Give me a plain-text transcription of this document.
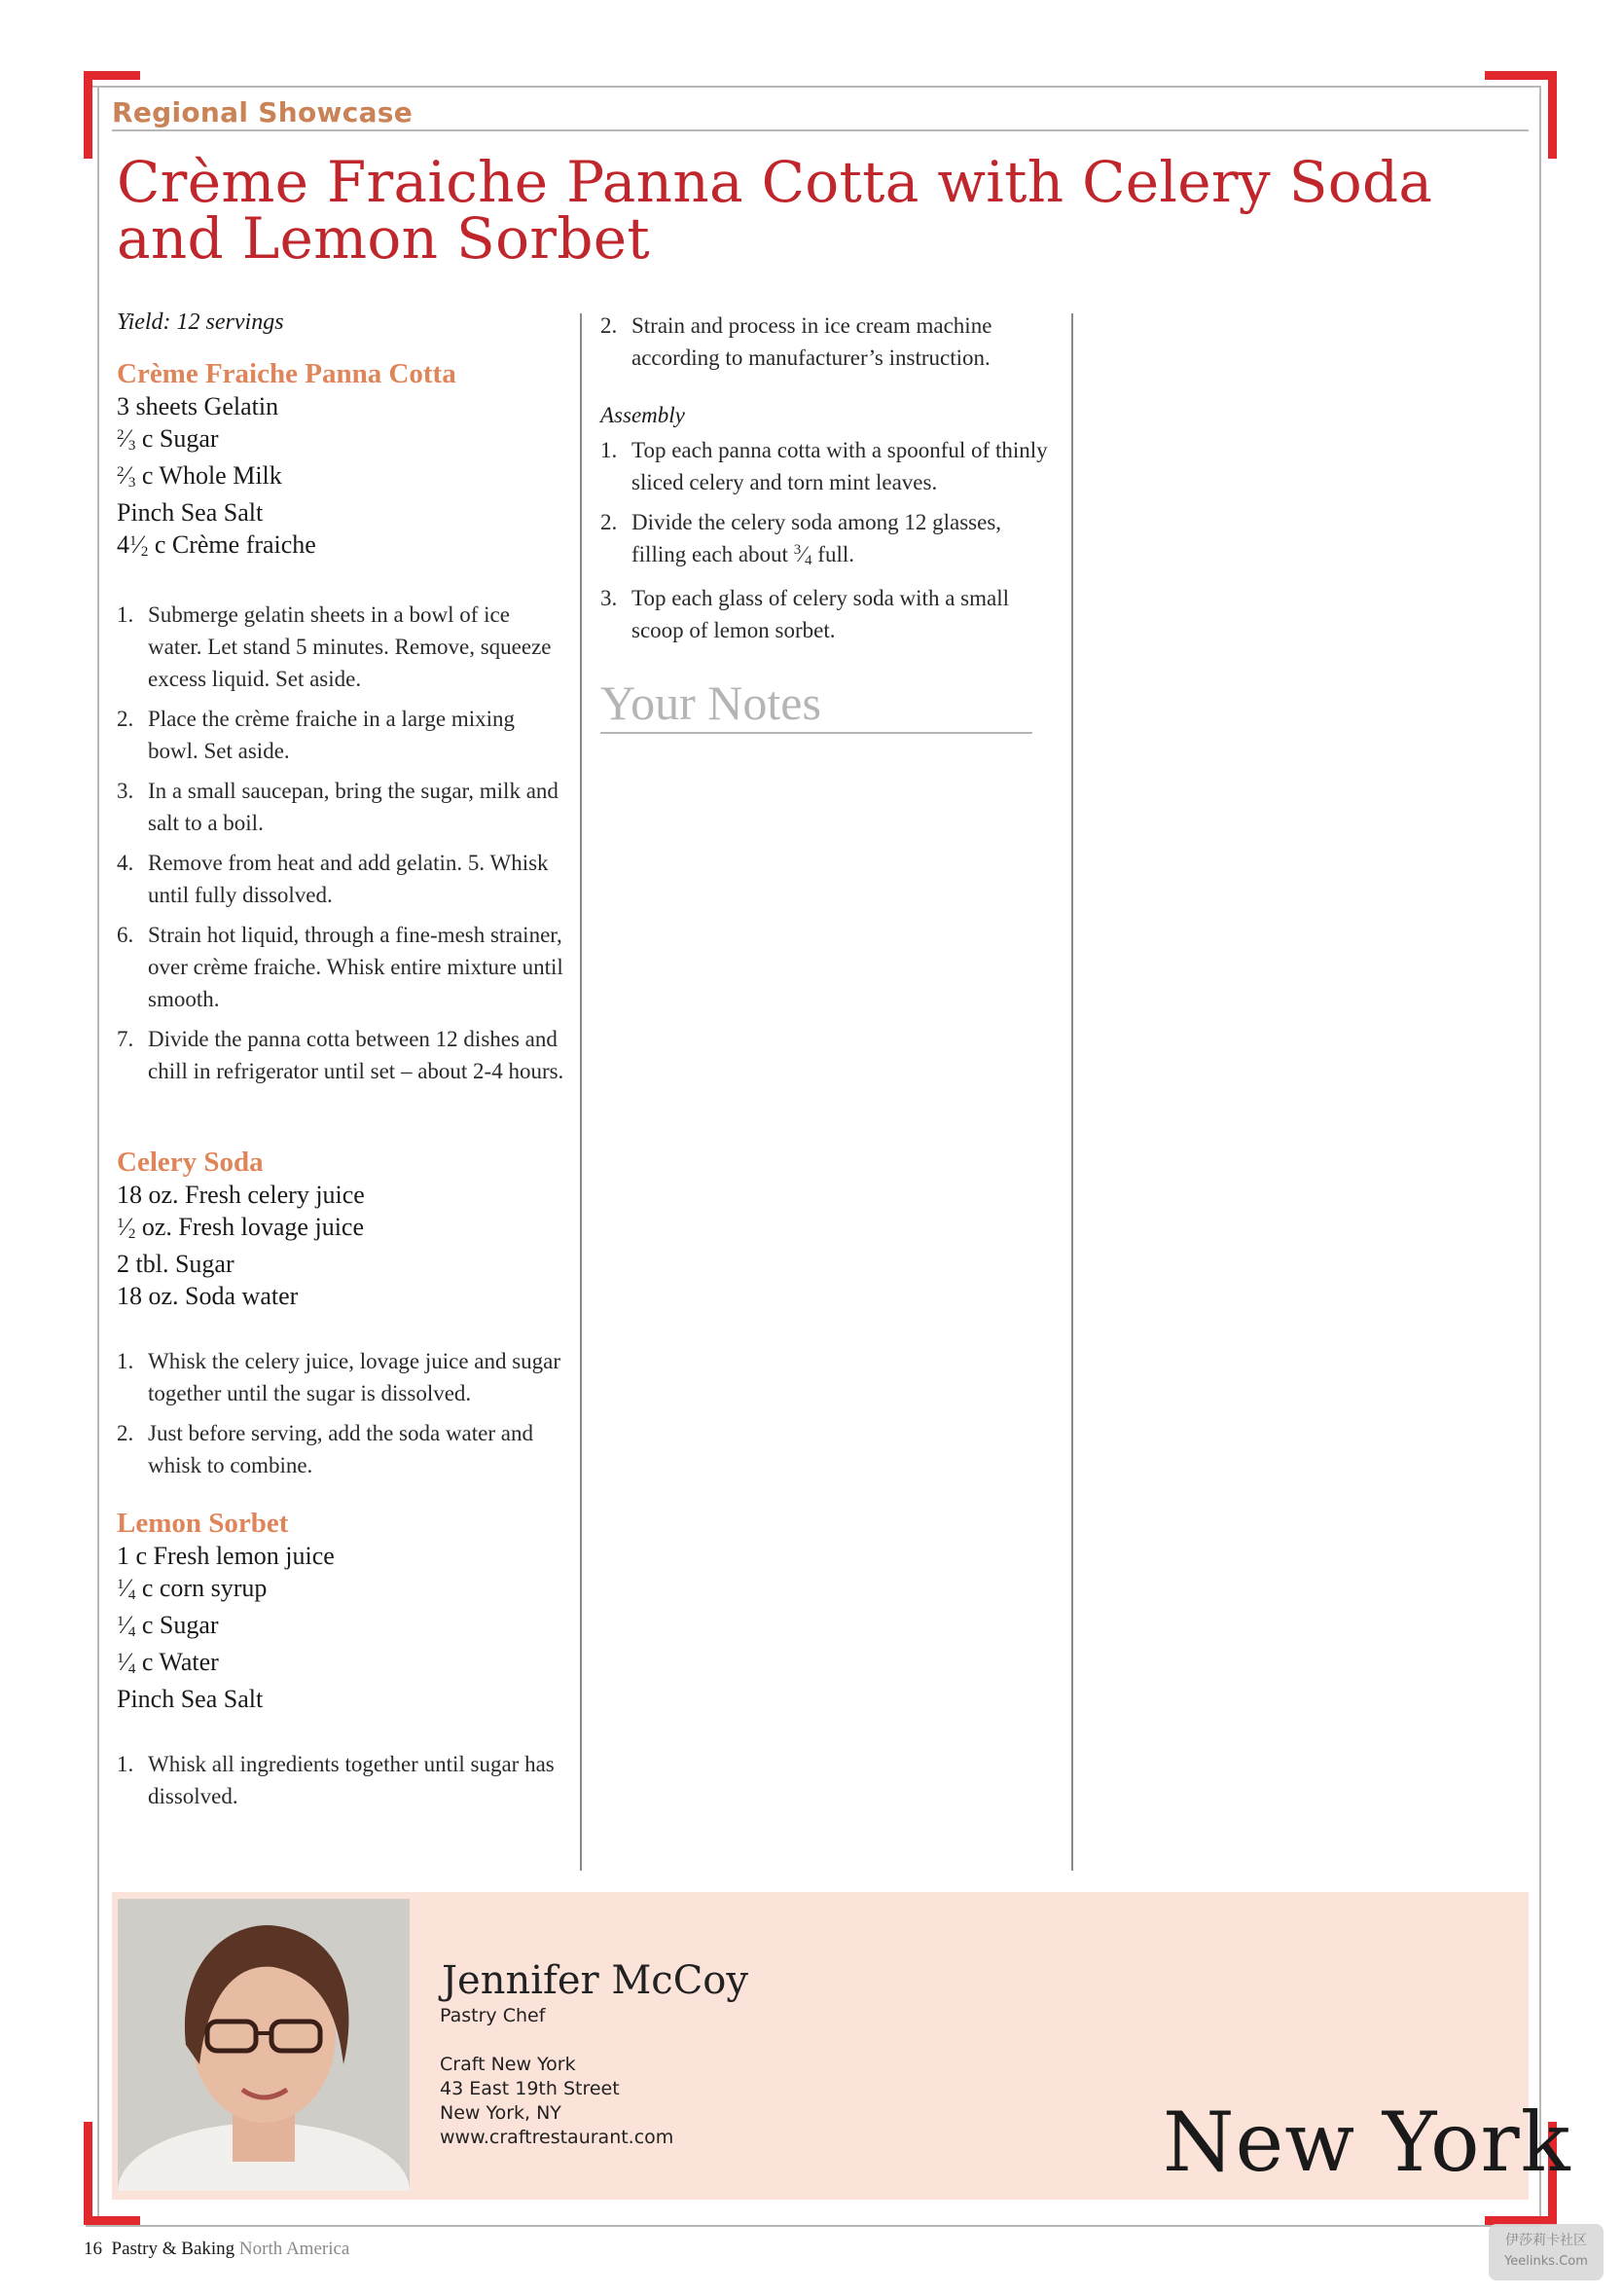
Regional Showcase
Crème Fraiche Panna Cotta with Celery Soda
and Lemon Sorbet

Yield: 12 servings

Crème Fraiche Panna Cotta

3 sheets Gelatin
$^2$⁄3 c Sugar
$^2$⁄3 c Whole Milk
Pinch Sea Salt
$4^1⁄2$ c Crème fraiche
1. Submerge gelatin sheets in a bowl of ice water. Let stand 5 minutes. Remove, squeeze excess liquid. Set aside.
2. Place the crème fraiche in a large mixing bowl. Set aside.
3. In a small saucepan, bring the sugar, milk and salt to a boil.
4. Remove from heat and add gelatin. 5. Whisk until fully dissolved.
6. Strain hot liquid, through a fine-mesh strainer, over crème fraiche. Whisk entire mixture until smooth.
7. Divide the panna cotta between 12 dishes and chill in refrigerator until set – about 2-4 hours.

Celery Soda

18 oz. Fresh celery juice
$^1$⁄2 oz. Fresh lovage juice
2 tbl. Sugar
18 oz. Soda water
1. Whisk the celery juice, lovage juice and sugar together until the sugar is dissolved.
2. Just before serving, add the soda water and whisk to combine.

Lemon Sorbet

1 c Fresh lemon juice
$^1$⁄4 c corn syrup
$^1$⁄4 c Sugar
$^1$⁄4 c Water
Pinch Sea Salt
1. Whisk all ingredients together until sugar has dissolved.
2. Strain and process in ice cream machine according to manufacturer’s instruction.

Assembly

1. Top each panna cotta with a spoonful of thinly sliced celery and torn mint leaves.
2. Divide the celery soda among 12 glasses, filling each about $^3$⁄4 full.
3. Top each glass of celery soda with a small scoop of lemon sorbet.

Your Notes

Jennifer McCoy
Pastry Chef
Craft New York
43 East 19th Street
New York, NY
www.craftrestaurant.com	New York
16 Pastry & Baking North America	伊莎莉卡社区
Yeelinks.Com
